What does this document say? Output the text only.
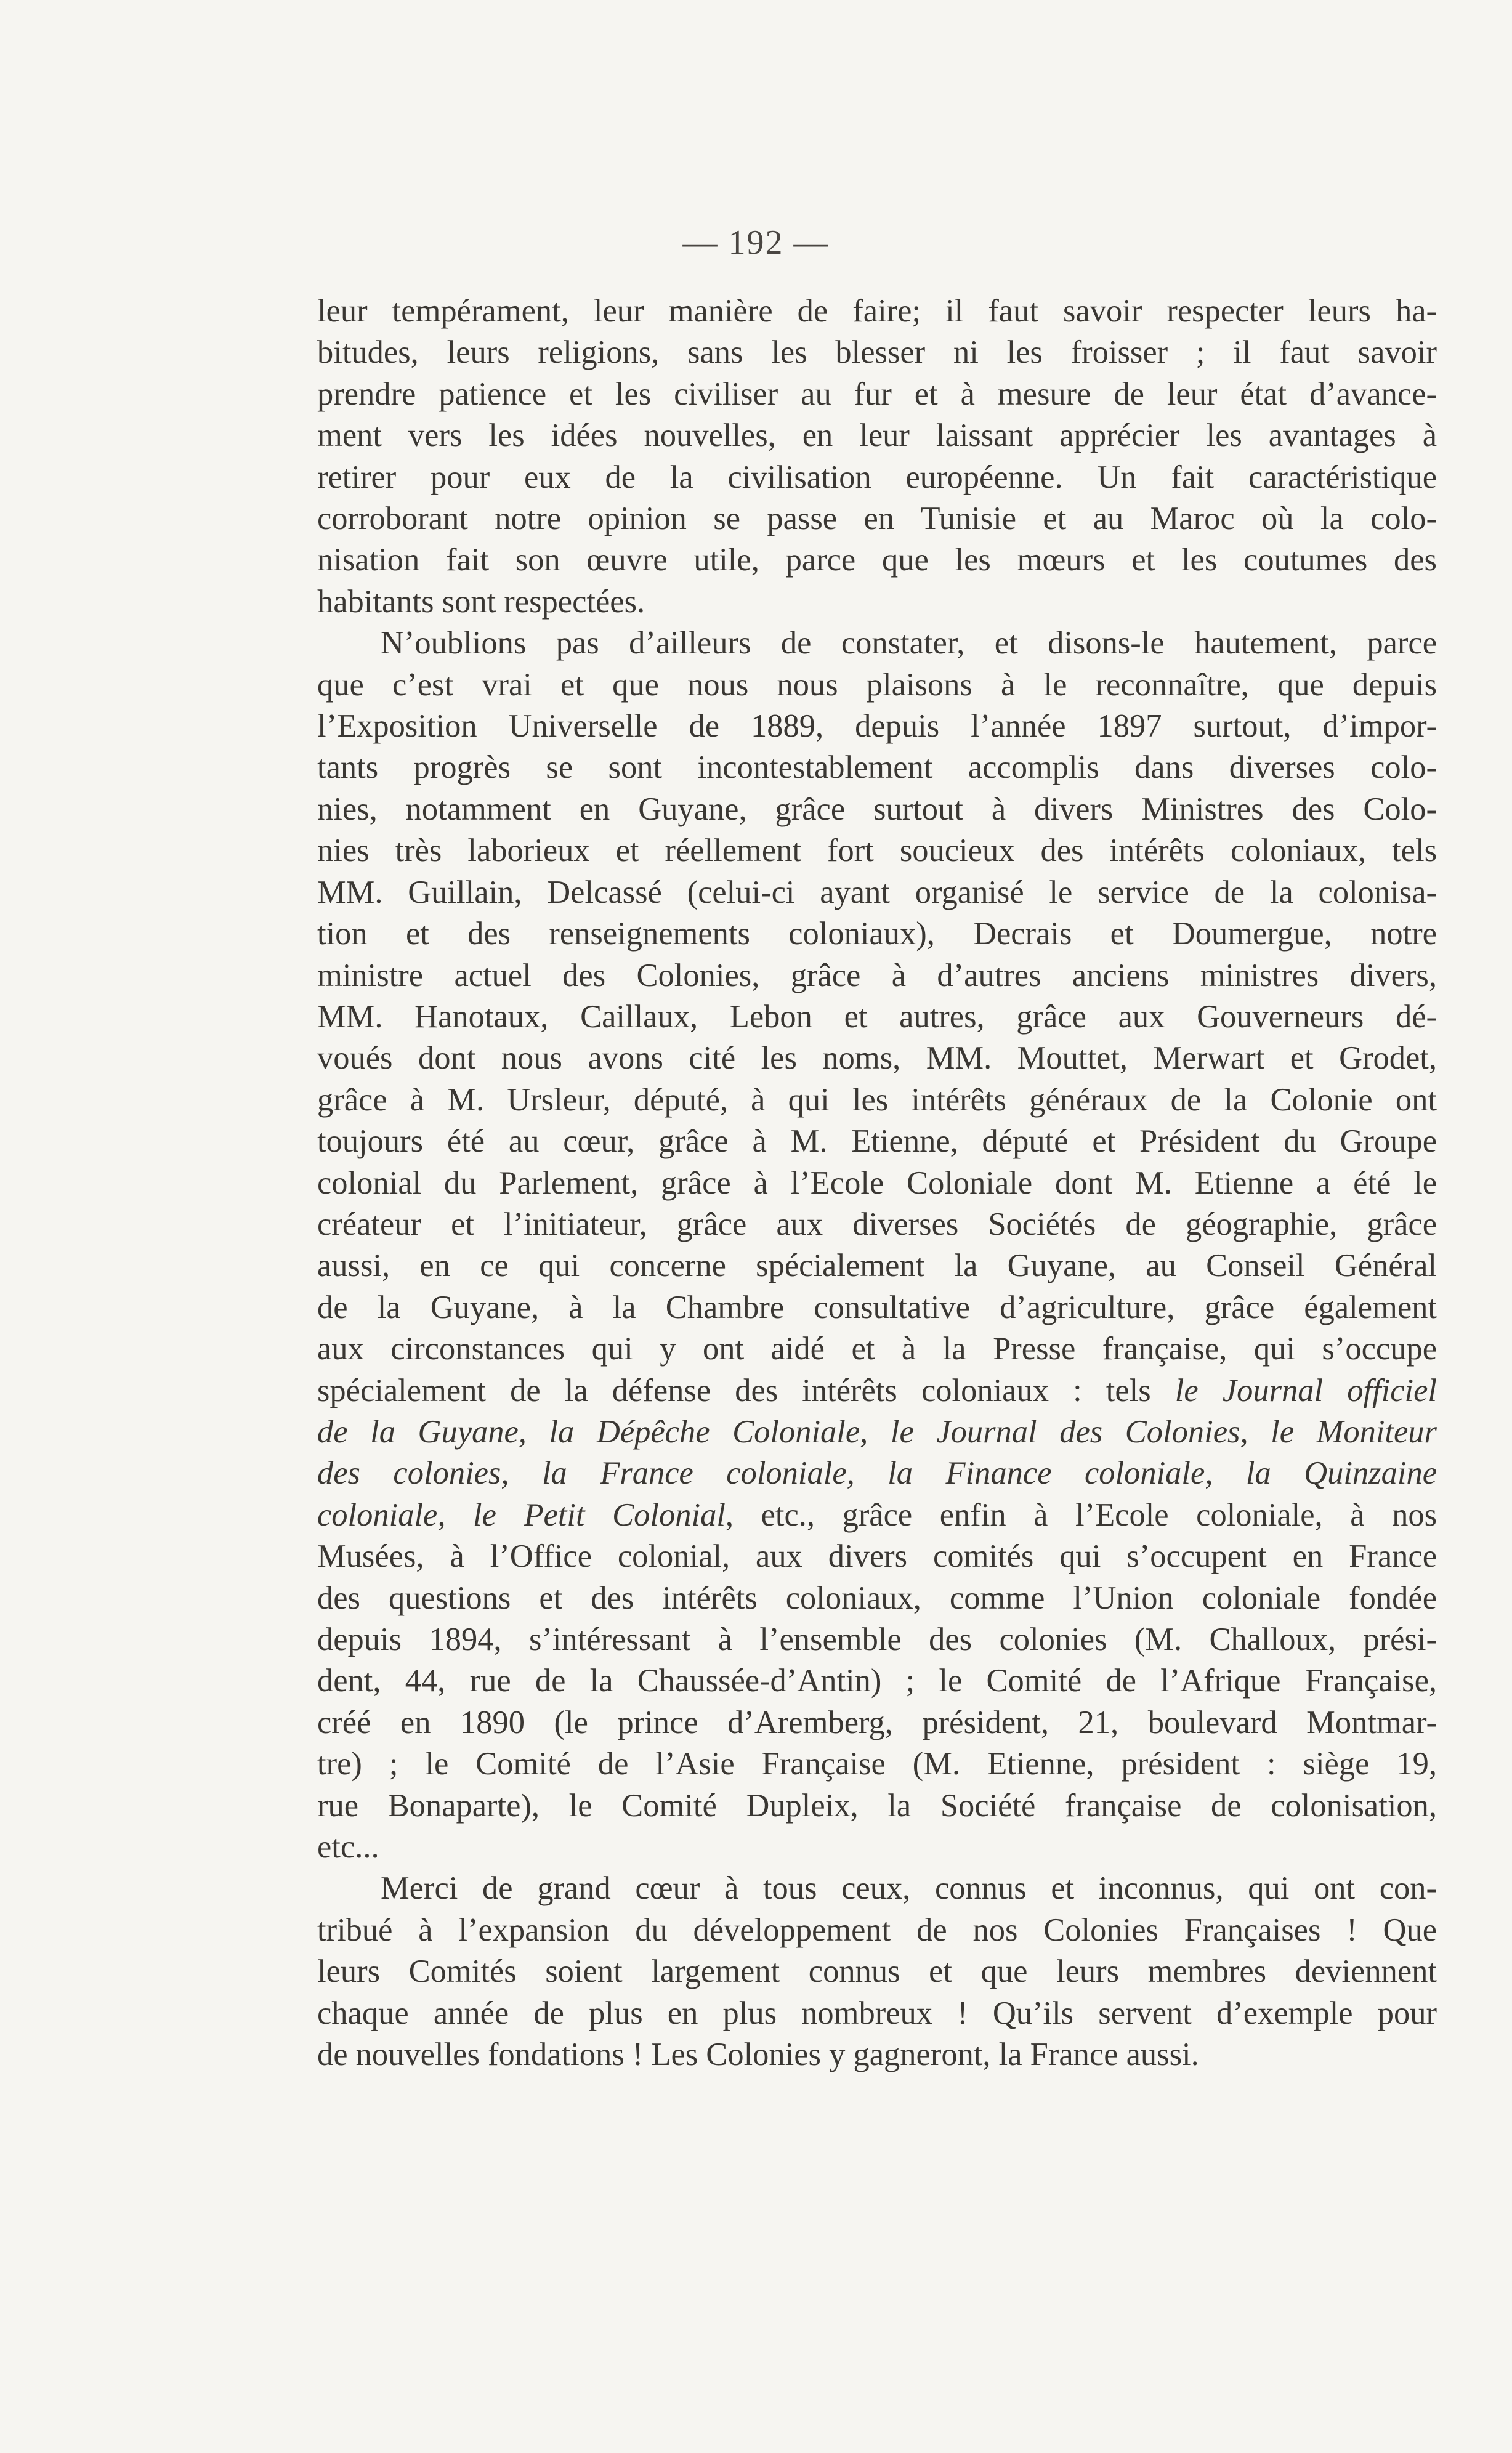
— 192 —
leur tempérament, leur manière de faire; il faut savoir respecter leurs ha-
bitudes, leurs religions, sans les blesser ni les froisser ; il faut savoir
prendre patience et les civiliser au fur et à mesure de leur état d’avance-
ment vers les idées nouvelles, en leur laissant apprécier les avantages à
retirer pour eux de la civilisation européenne. Un fait caractéristique
corroborant notre opinion se passe en Tunisie et au Maroc où la colo-
nisation fait son œuvre utile, parce que les mœurs et les coutumes des
habitants sont respectées.
N’oublions pas d’ailleurs de constater, et disons-le hautement, parce
que c’est vrai et que nous nous plaisons à le reconnaître, que depuis
l’Exposition Universelle de 1889, depuis l’année 1897 surtout, d’impor-
tants progrès se sont incontestablement accomplis dans diverses colo-
nies, notamment en Guyane, grâce surtout à divers Ministres des Colo-
nies très laborieux et réellement fort soucieux des intérêts coloniaux, tels
MM. Guillain, Delcassé (celui-ci ayant organisé le service de la colonisa-
tion et des renseignements coloniaux), Decrais et Doumergue, notre
ministre actuel des Colonies, grâce à d’autres anciens ministres divers,
MM. Hanotaux, Caillaux, Lebon et autres, grâce aux Gouverneurs dé-
voués dont nous avons cité les noms, MM. Mouttet, Merwart et Grodet,
grâce à M. Ursleur, député, à qui les intérêts généraux de la Colonie ont
toujours été au cœur, grâce à M. Etienne, député et Président du Groupe
colonial du Parlement, grâce à l’Ecole Coloniale dont M. Etienne a été le
créateur et l’initiateur, grâce aux diverses Sociétés de géographie, grâce
aussi, en ce qui concerne spécialement la Guyane, au Conseil Général
de la Guyane, à la Chambre consultative d’agriculture, grâce également
aux circonstances qui y ont aidé et à la Presse française, qui s’occupe
spécialement de la défense des intérêts coloniaux : tels le Journal officiel
de la Guyane, la Dépêche Coloniale, le Journal des Colonies, le Moniteur
des colonies, la France coloniale, la Finance coloniale, la Quinzaine
coloniale, le Petit Colonial, etc., grâce enfin à l’Ecole coloniale, à nos
Musées, à l’Office colonial, aux divers comités qui s’occupent en France
des questions et des intérêts coloniaux, comme l’Union coloniale fondée
depuis 1894, s’intéressant à l’ensemble des colonies (M. Challoux, prési-
dent, 44, rue de la Chaussée-d’Antin) ; le Comité de l’Afrique Française,
créé en 1890 (le prince d’Aremberg, président, 21, boulevard Montmar-
tre) ; le Comité de l’Asie Française (M. Etienne, président : siège 19,
rue Bonaparte), le Comité Dupleix, la Société française de colonisation,
etc...
Merci de grand cœur à tous ceux, connus et inconnus, qui ont con-
tribué à l’expansion du développement de nos Colonies Françaises ! Que
leurs Comités soient largement connus et que leurs membres deviennent
chaque année de plus en plus nombreux ! Qu’ils servent d’exemple pour
de nouvelles fondations ! Les Colonies y gagneront, la France aussi.
